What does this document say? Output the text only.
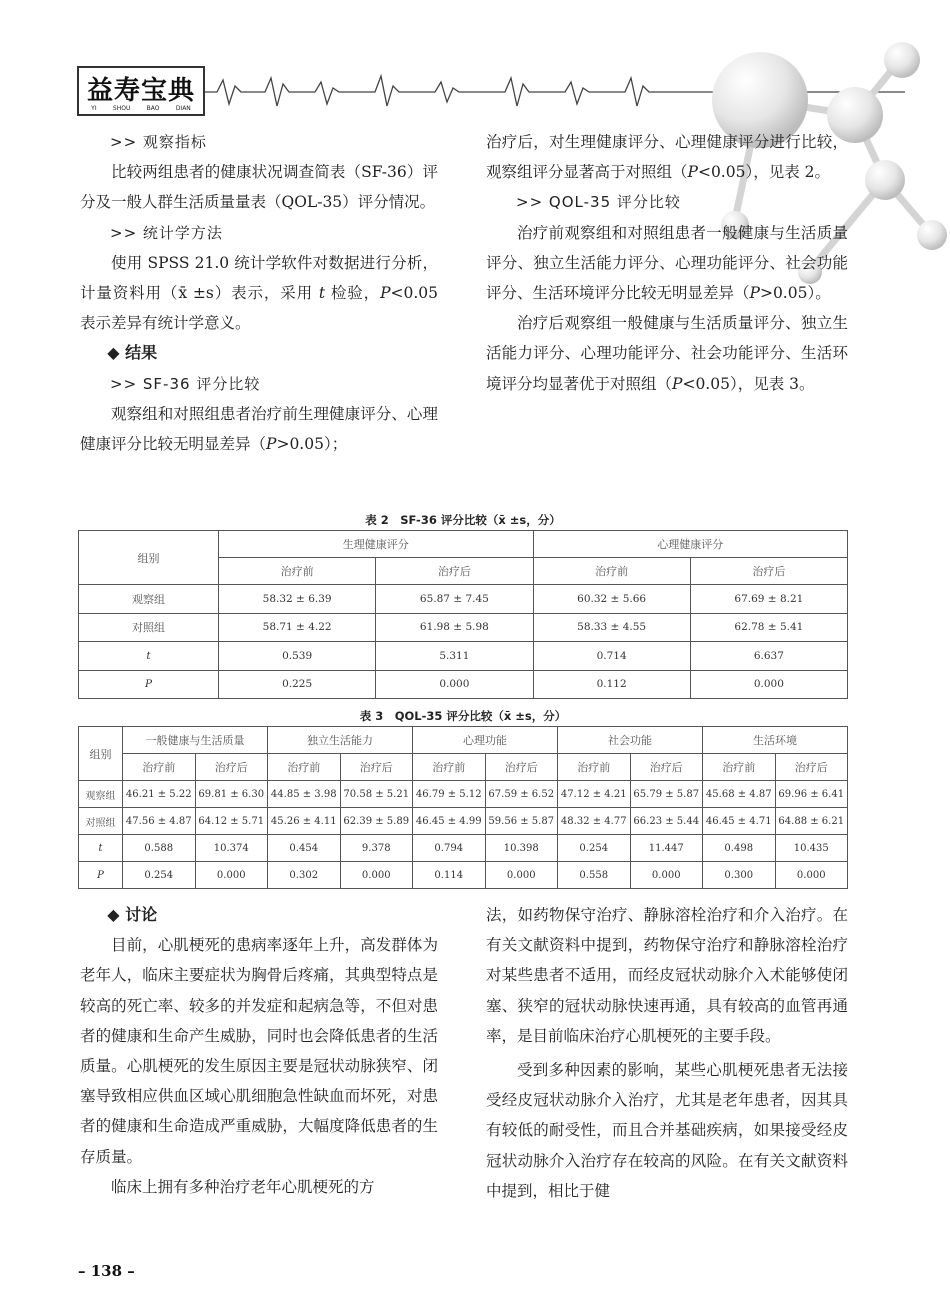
益寿宝典
YI	SHOU	BAO	DIAN
>> 观察指标

比较两组患者的健康状况调查简表（SF-36）评分及一般人群生活质量量表（QOL-35）评分情况。

>> 统计学方法

使用 SPSS 21.0 统计学软件对数据进行分析，计量资料用（x̄ ±s）表示，采用 t 检验，P<0.05 表示差异有统计学意义。

◆ 结果
>> SF-36 评分比较

观察组和对照组患者治疗前生理健康评分、心理健康评分比较无明显差异（P>0.05）；

治疗后，对生理健康评分、心理健康评分进行比较，观察组评分显著高于对照组（P<0.05），见表 2。

>> QOL-35 评分比较

治疗前观察组和对照组患者一般健康与生活质量评分、独立生活能力评分、心理功能评分、社会功能评分、生活环境评分比较无明显差异（P>0.05）。

治疗后观察组一般健康与生活质量评分、独立生活能力评分、心理功能评分、社会功能评分、生活环境评分均显著优于对照组（P<0.05），见表 3。

表 2　SF-36 评分比较（x̄ ±s，分）
组别	生理健康评分		心理健康评分	
	治疗前	治疗后	治疗前	治疗后
观察组	58.32 ± 6.39	65.87 ± 7.45	60.32 ± 5.66	67.69 ± 8.21
对照组	58.71 ± 4.22	61.98 ± 5.98	58.33 ± 4.55	62.78 ± 5.41
t	0.539	5.311	0.714	6.637
P	0.225	0.000	0.112	0.000
表 3　QOL-35 评分比较（x̄ ±s，分）
组别	一般健康与生活质量		独立生活能力		心理功能		社会功能		生活环境	
	治疗前	治疗后	治疗前	治疗后	治疗前	治疗后	治疗前	治疗后	治疗前	治疗后
观察组	46.21 ± 5.22	69.81 ± 6.30	44.85 ± 3.98	70.58 ± 5.21	46.79 ± 5.12	67.59 ± 6.52	47.12 ± 4.21	65.79 ± 5.87	45.68 ± 4.87	69.96 ± 6.41
对照组	47.56 ± 4.87	64.12 ± 5.71	45.26 ± 4.11	62.39 ± 5.89	46.45 ± 4.99	59.56 ± 5.87	48.32 ± 4.77	66.23 ± 5.44	46.45 ± 4.71	64.88 ± 6.21
t	0.588	10.374	0.454	9.378	0.794	10.398	0.254	11.447	0.498	10.435
P	0.254	0.000	0.302	0.000	0.114	0.000	0.558	0.000	0.300	0.000
◆ 讨论

目前，心肌梗死的患病率逐年上升，高发群体为老年人，临床主要症状为胸骨后疼痛，其典型特点是较高的死亡率、较多的并发症和起病急等，不但对患者的健康和生命产生威胁，同时也会降低患者的生活质量。心肌梗死的发生原因主要是冠状动脉狭窄、闭塞导致相应供血区域心肌细胞急性缺血而坏死，对患者的健康和生命造成严重威胁，大幅度降低患者的生存质量。

临床上拥有多种治疗老年心肌梗死的方

法，如药物保守治疗、静脉溶栓治疗和介入治疗。在有关文献资料中提到，药物保守治疗和静脉溶栓治疗对某些患者不适用，而经皮冠状动脉介入术能够使闭塞、狭窄的冠状动脉快速再通，具有较高的血管再通率，是目前临床治疗心肌梗死的主要手段。

受到多种因素的影响，某些心肌梗死患者无法接受经皮冠状动脉介入治疗，尤其是老年患者，因其具有较低的耐受性，而且合并基础疾病，如果接受经皮冠状动脉介入治疗存在较高的风险。在有关文献资料中提到，相比于健

– 138 –
